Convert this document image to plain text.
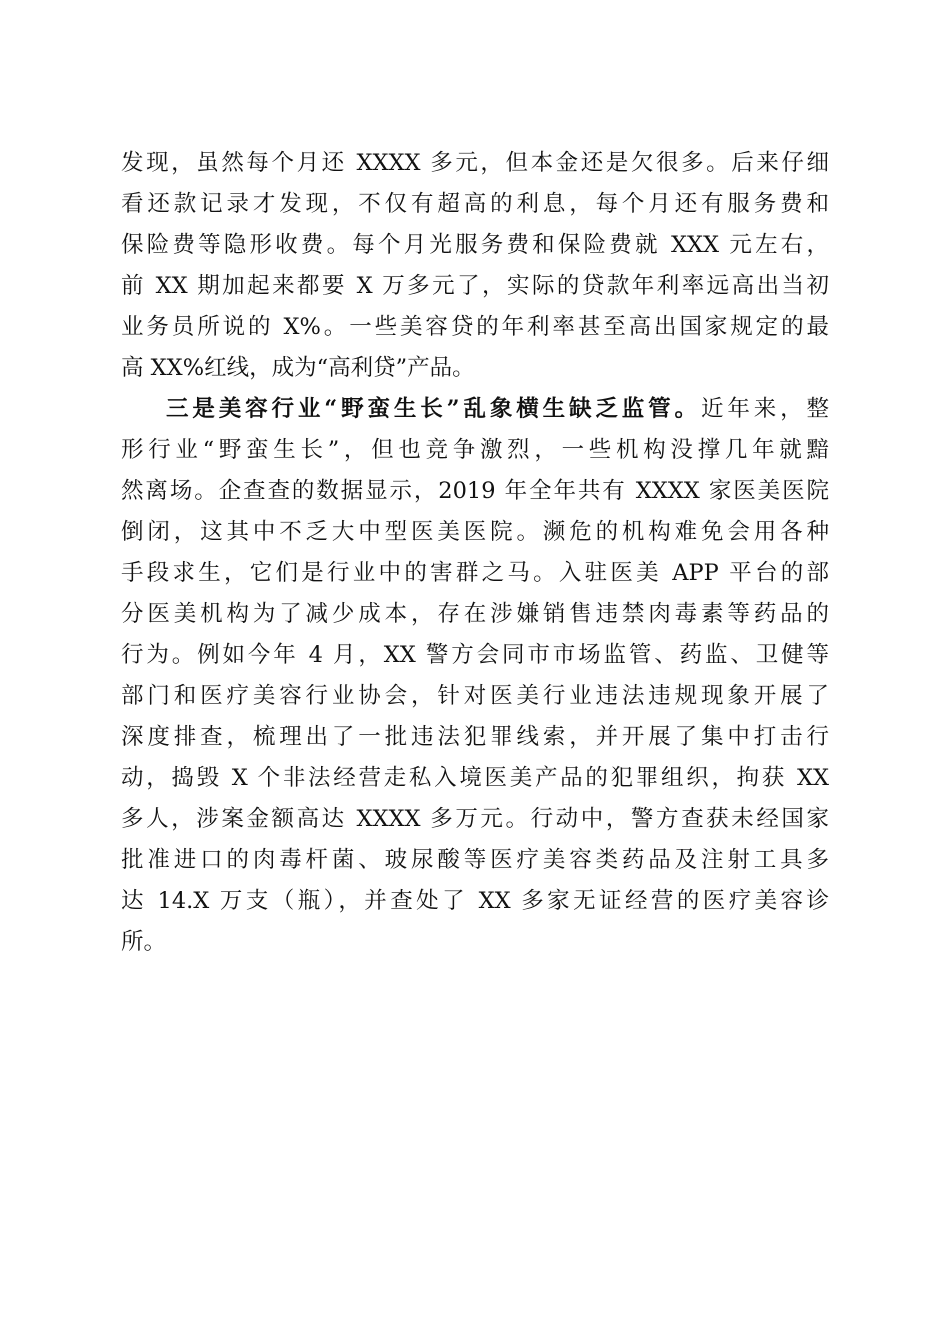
发现，虽然每个月还 XXXX 多元，但本金还是欠很多。后来仔细
看还款记录才发现，不仅有超高的利息，每个月还有服务费和
保险费等隐形收费。每个月光服务费和保险费就 XXX 元左右，
前 XX 期加起来都要 X 万多元了，实际的贷款年利率远高出当初
业务员所说的 X%。一些美容贷的年利率甚至高出国家规定的最
高 XX%红线，成为“高利贷”产品。
三是美容行业“野蛮生长”乱象横生缺乏监管。近年来，整
形行业“野蛮生长”，但也竞争激烈，一些机构没撑几年就黯
然离场。企查查的数据显示，2019 年全年共有 XXXX 家医美医院
倒闭，这其中不乏大中型医美医院。濒危的机构难免会用各种
手段求生，它们是行业中的害群之马。入驻医美 APP 平台的部
分医美机构为了减少成本，存在涉嫌销售违禁肉毒素等药品的
行为。例如今年 4 月，XX 警方会同市市场监管、药监、卫健等
部门和医疗美容行业协会，针对医美行业违法违规现象开展了
深度排查，梳理出了一批违法犯罪线索，并开展了集中打击行
动，捣毁 X 个非法经营走私入境医美产品的犯罪组织，拘获 XX
多人，涉案金额高达 XXXX 多万元。行动中，警方查获未经国家
批准进口的肉毒杆菌、玻尿酸等医疗美容类药品及注射工具多
达 14.X 万支（瓶），并查处了 XX 多家无证经营的医疗美容诊
所。
